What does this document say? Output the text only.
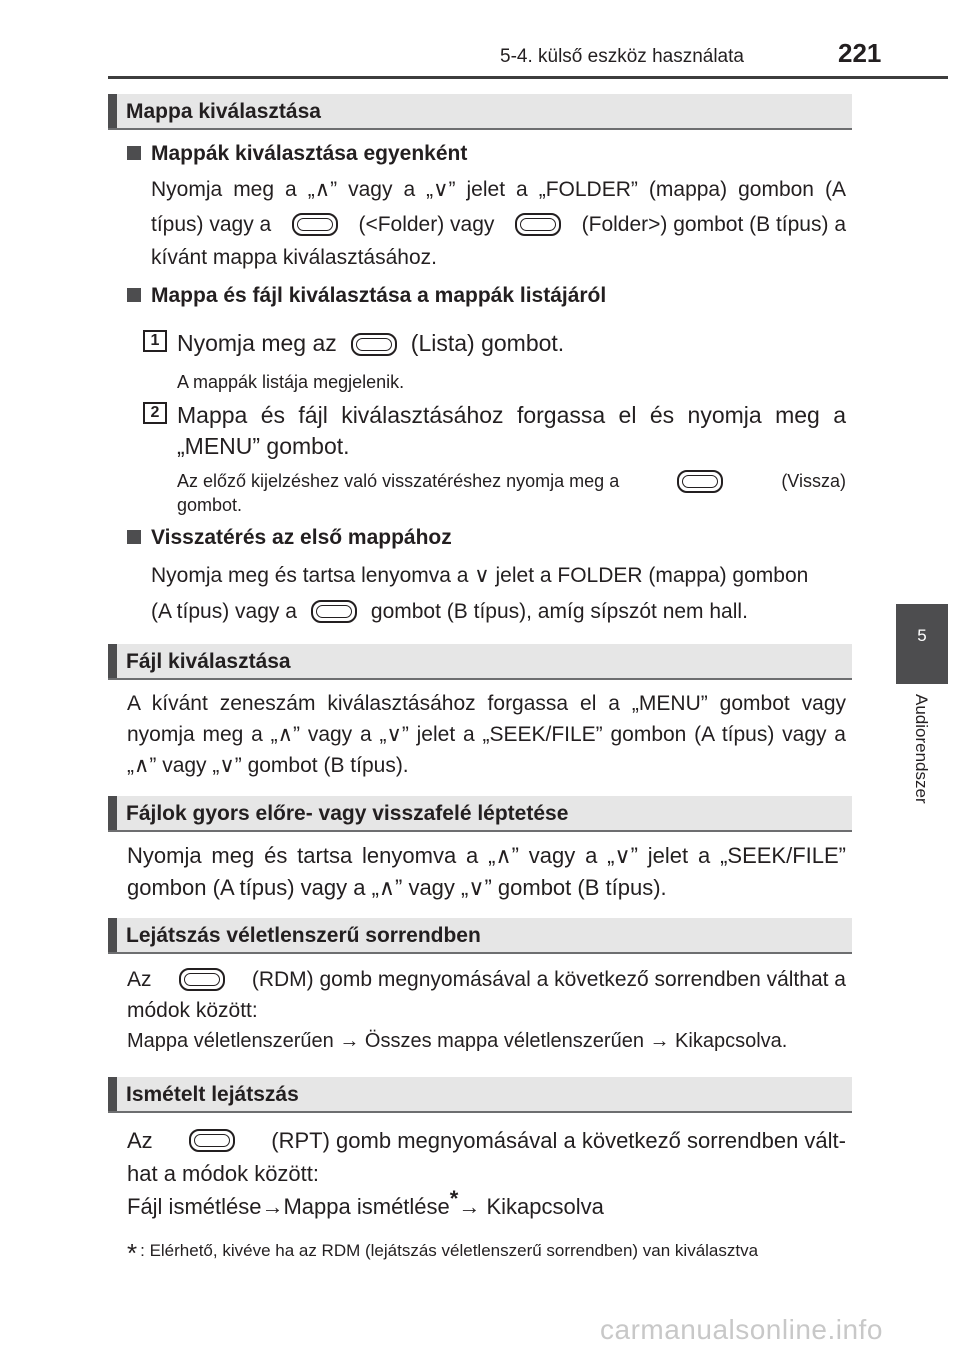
5-4. külső eszköz használata	221
5
Audiorendszer
Mappa kiválasztása
Mappák kiválasztása egyenként
Nyomja meg a „∧” vagy a „∨” jelet a „FOLDER” (mappa) gombon (A
típus) vagy a	(<Folder) vagy	(Folder>) gombot (B típus) a
kívánt mappa kiválasztásához.
Mappa és fájl kiválasztása a mappák listájáról
1 Nyomja meg az	(Lista) gombot.
A mappák listája megjelenik.
2 Mappa és fájl kiválasztásához forgassa el és nyomja meg a
„MENU” gombot.
Az előző kijelzéshez való visszatéréshez nyomja meg a	(Vissza)
gombot.
Visszatérés az első mappához
Nyomja meg és tartsa lenyomva a ∨ jelet a FOLDER (mappa) gombon
(A típus) vagy a	gombot (B típus), amíg sípszót nem hall.
Fájl kiválasztása
A kívánt zeneszám kiválasztásához forgassa el a „MENU” gombot vagy
nyomja meg a „∧” vagy a „∨” jelet a „SEEK/FILE” gombon (A típus) vagy a
„∧” vagy „∨” gombot (B típus).
Fájlok gyors előre- vagy visszafelé léptetése
Nyomja meg és tartsa lenyomva a „∧” vagy a „∨” jelet a „SEEK/FILE”
gombon (A típus) vagy a „∧” vagy „∨” gombot (B típus).
Lejátszás véletlenszerű sorrendben
Az	(RDM) gomb megnyomásával a következő sorrendben válthat a
módok között:
Mappa véletlenszerűen → Összes mappa véletlenszerűen → Kikapcsolva.
Ismételt lejátszás
Az	(RPT) gomb megnyomásával a következő sorrendben vált-
hat a módok között:
Fájl ismétlése→Mappa ismétlése*→ Kikapcsolva
* : Elérhető, kivéve ha az RDM (lejátszás véletlenszerű sorrendben) van kiválasztva
carmanualsonline.info
